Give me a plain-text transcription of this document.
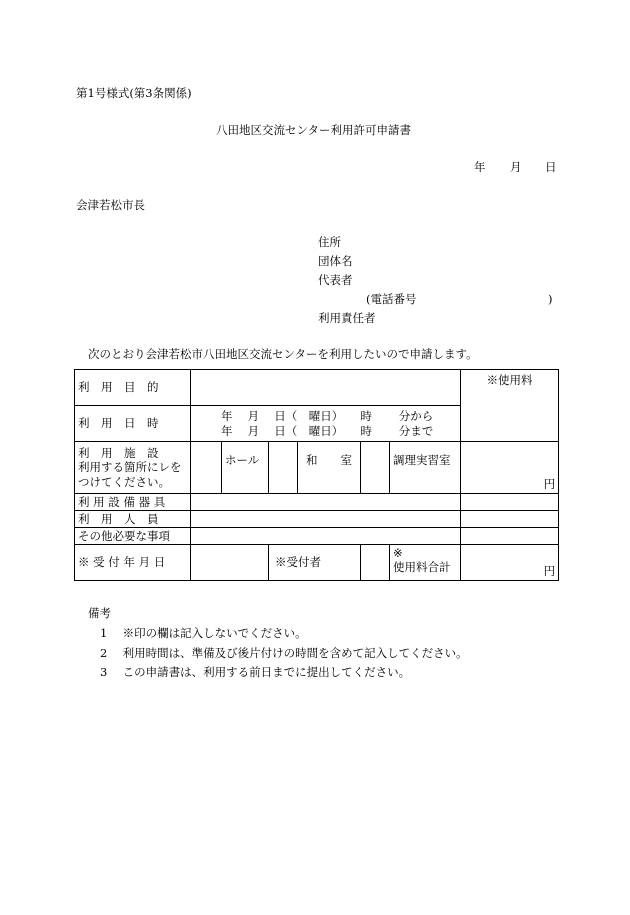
第1号様式(第3条関係)
八田地区交流センター利用許可申請書
年 月 日
会津若松市長
住所
団体名
代表者
(電話番号	)
利用責任者
次のとおり会津若松市八田地区交流センターを利用したいので申請します。
利　用　目　的							※使用料
利　用　日　時	年　 月　 日（　曜日）　　時　　 分から
年　 月　 日（　曜日）　　時　　 分まで						

利　用　施　設
利用する箇所にレを
つけてください。		ホール		和　　室		調理実習室	円
利 用 設 備 器 具							
利　用　人　員							
その他必要な事項							
※ 受 付 年 月 日			※受付者			※
使用料合計	円
備考
1 ※印の欄は記入しないでください。
2 利用時間は、準備及び後片付けの時間を含めて記入してください。
3 この申請書は、利用する前日までに提出してください。
